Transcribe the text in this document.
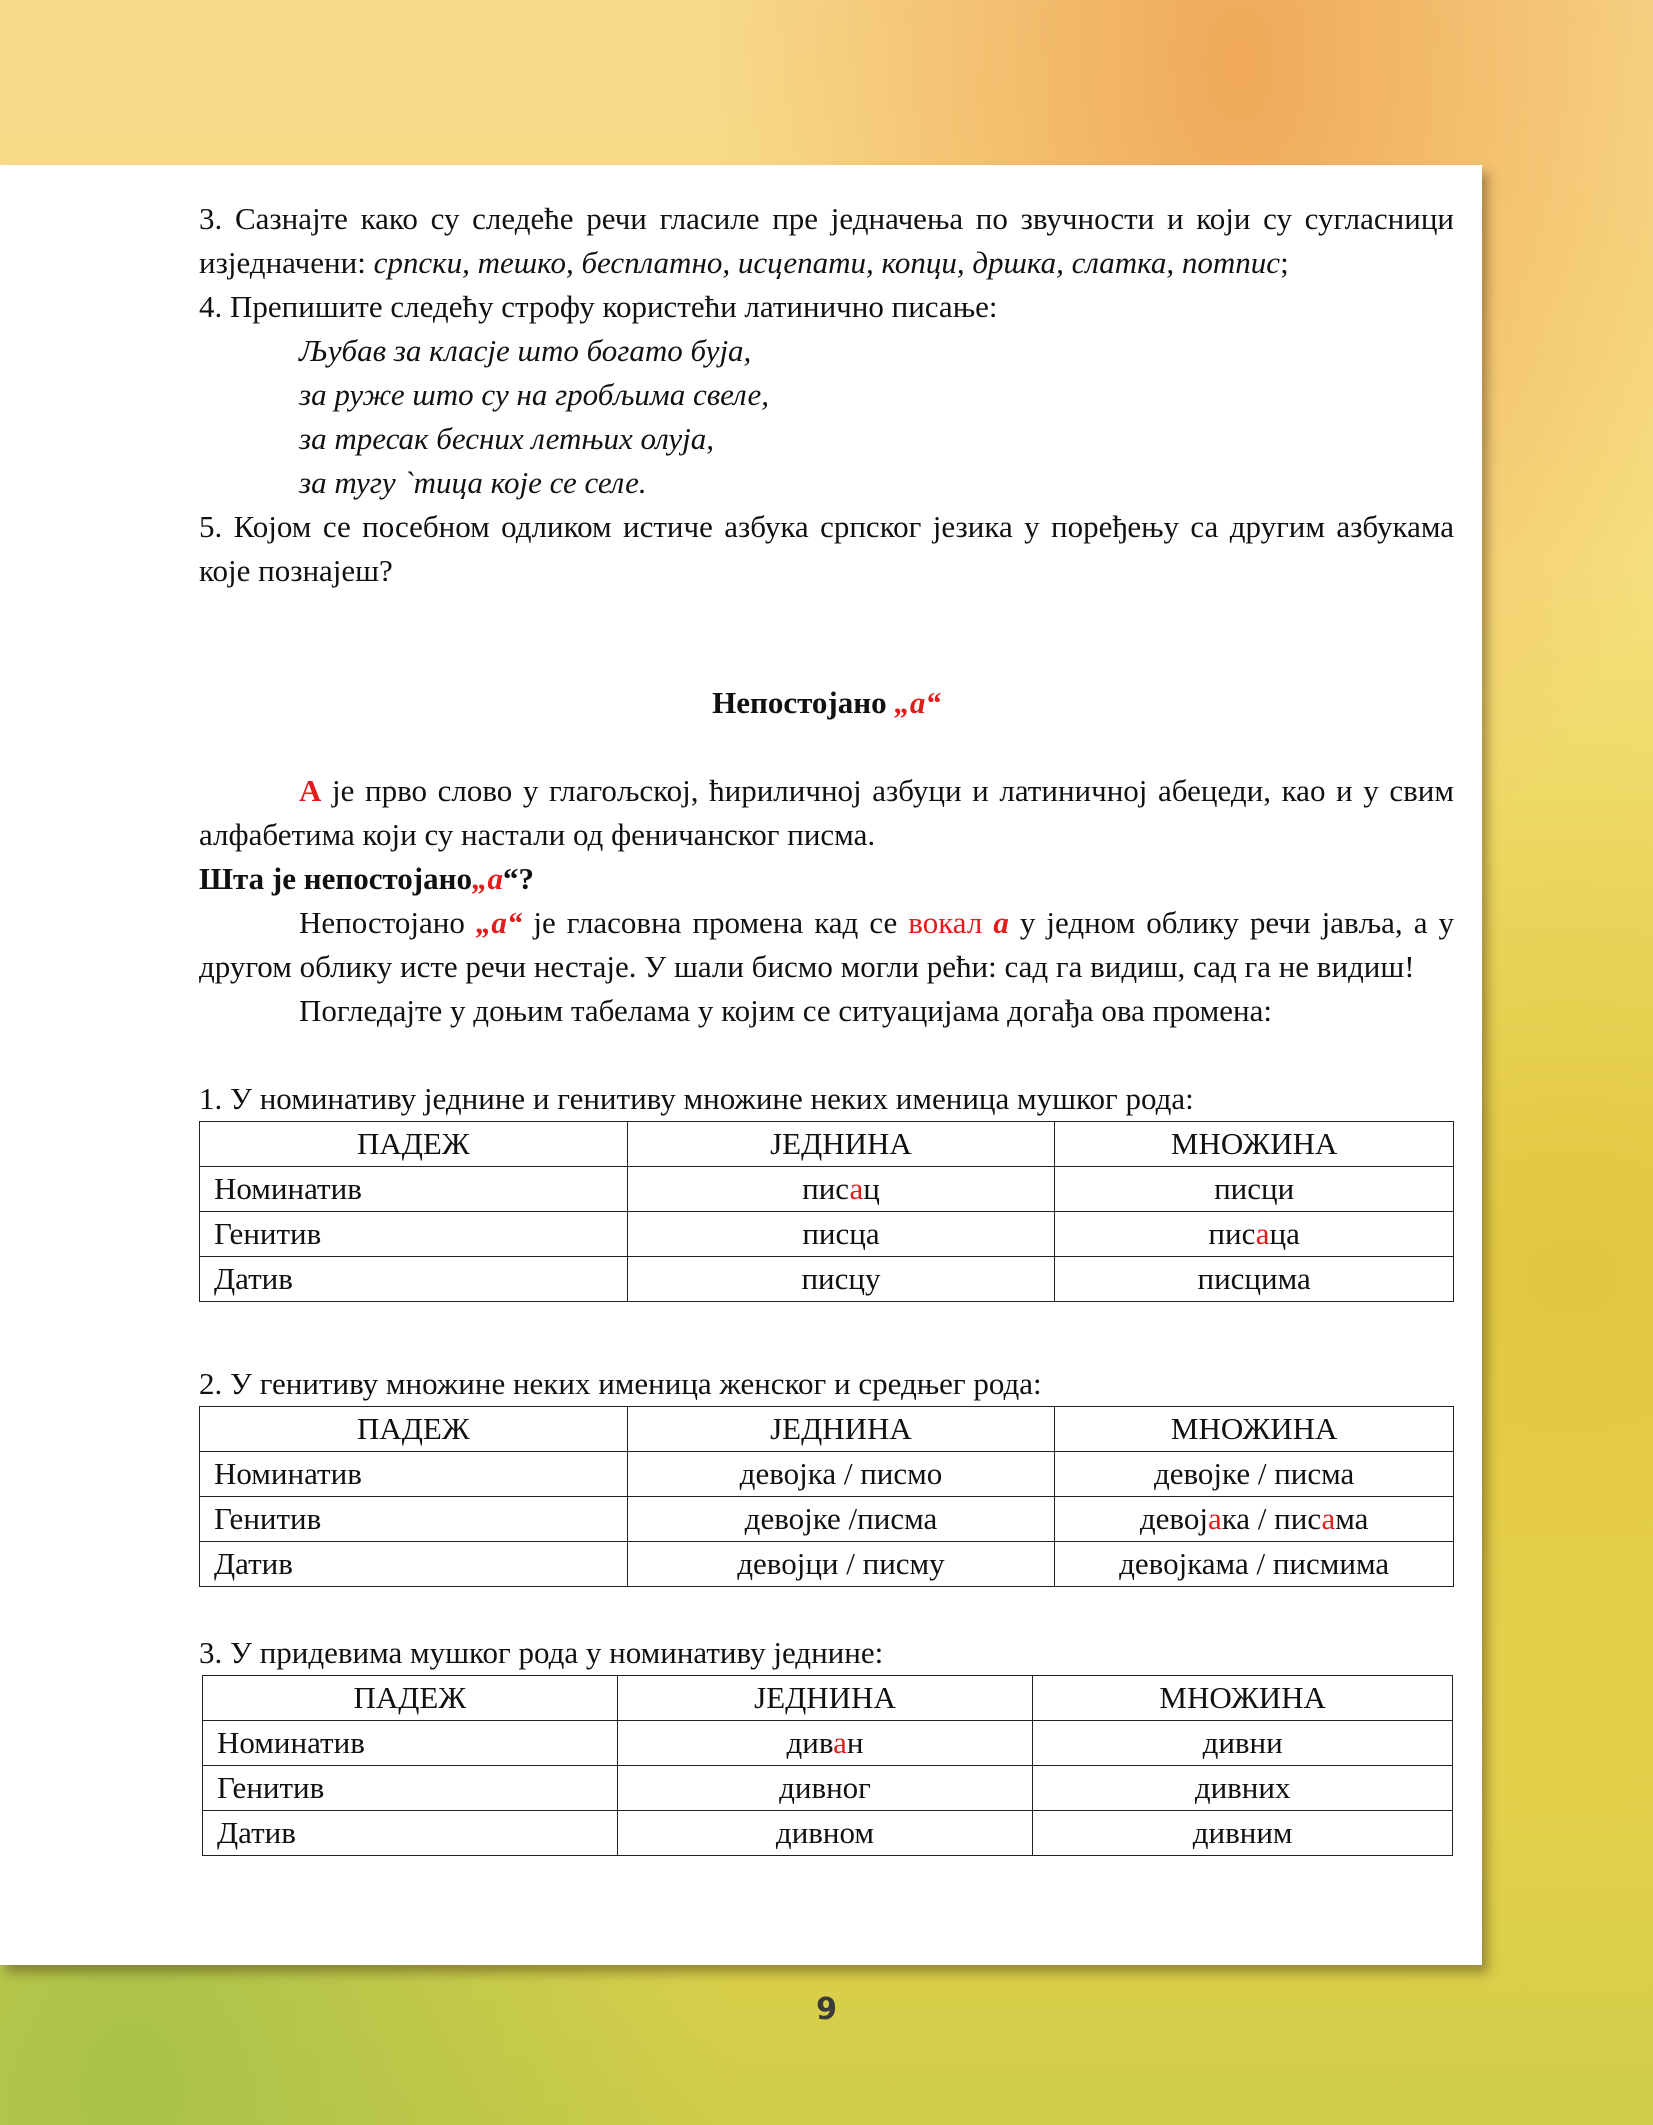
3. Сазнајте како су следеће речи гласиле пре једначења по звучности и који су сугласници изједначени: српски, тешко, бесплатно, исцепати, копци, дршка, слатка, потпис;

4. Препишите следећу строфу користећи латинично писање:

Љубав за класје што богато буја,

за руже што су на гробљима свеле,

за тресак бесних летњих олуја,

за тугу `тица које се селе.

5. Којом се посебном одликом истиче азбука српског језика у поређењу са другим азбукама које познајеш?

Непостојано „а“

А је прво слово у глагољској, ћириличној азбуци и латиничној абецеди, као и у свим алфабетима који су настали од феничанског писма.

Шта је непостојано„а“?

Непостојано „а“ је гласовна промена кад се вокал а у једном облику речи јавља, а у другом облику исте речи нестаје. У шали бисмо могли рећи: сад га видиш, сад га не видиш!

Погледајте у доњим табелама у којим се ситуацијама догађа ова промена:

1. У номинативу једнине и генитиву множине неких именица мушког рода:

ПАДЕЖ	ЈЕДНИНА	МНОЖИНА
Номинатив	писац	писци
Генитив	писца	писаца
Датив	писцу	писцима

2. У генитиву множине неких именица женског и средњег рода:

ПАДЕЖ	ЈЕДНИНА	МНОЖИНА
Номинатив	девојка / писмо	девојке / писма
Генитив	девојке /писма	девојака / писама
Датив	девојци / писму	девојкама / писмима

3. У придевима мушког рода у номинативу једнине:

ПАДЕЖ	ЈЕДНИНА	МНОЖИНА
Номинатив	диван	дивни
Генитив	дивног	дивних
Датив	дивном	дивним
9
